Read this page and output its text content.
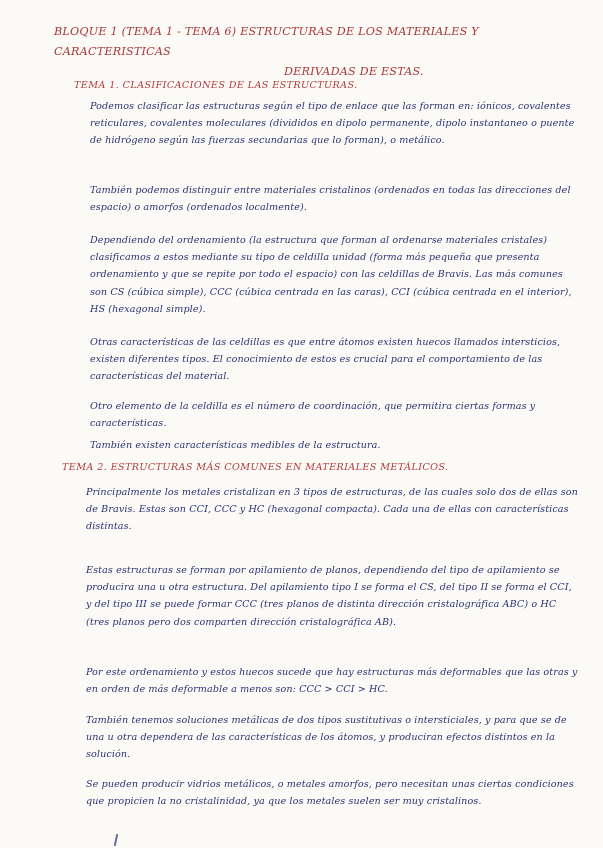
BLOQUE 1 (TEMA 1 - TEMA 6) ESTRUCTURAS DE LOS MATERIALES Y CARACTERISTICAS
DERIVADAS DE ESTAS.
TEMA 1. CLASIFICACIONES DE LAS ESTRUCTURAS.

Podemos clasificar las estructuras según el tipo de enlace que las forman en: iónicos, covalentes reticulares, covalentes moleculares (divididos en dipolo permanente, dipolo instantaneo o puente de hidrógeno según las fuerzas secundarias que lo forman), o metálico.

También podemos distinguir entre materiales cristalinos (ordenados en todas las direcciones del espacio) o amorfos (ordenados localmente).

Dependiendo del ordenamiento (la estructura que forman al ordenarse materiales cristales) clasificamos a estos mediante su tipo de celdilla unidad (forma más pequeña que presenta ordenamiento y que se repite por todo el espacio) con las celdillas de Bravis. Las más comunes son CS (cúbica simple), CCC (cúbica centrada en las caras), CCI (cúbica centrada en el interior), HS (hexagonal simple).

Otras características de las celdillas es que entre átomos existen huecos llamados intersticios, existen diferentes tipos. El conocimiento de estos es crucial para el comportamiento de las características del material.

Otro elemento de la celdilla es el número de coordinación, que permitira ciertas formas y características.

También existen características medibles de la estructura.

TEMA 2. ESTRUCTURAS MÁS COMUNES EN MATERIALES METÁLICOS.

Principalmente los metales cristalizan en 3 tipos de estructuras, de las cuales solo dos de ellas son de Bravis. Estas son CCI, CCC y HC (hexagonal compacta). Cada una de ellas con características distintas.

Estas estructuras se forman por apilamiento de planos, dependiendo del tipo de apilamiento se producira una u otra estructura. Del apilamiento tipo I se forma el CS, del tipo II se forma el CCI, y del tipo III se puede formar CCC (tres planos de distinta dirección cristalográfica ABC) o HC (tres planos pero dos comparten dirección cristalográfica AB).

Por este ordenamiento y estos huecos sucede que hay estructuras más deformables que las otras y en orden de más deformable a menos son: CCC > CCI > HC.

También tenemos soluciones metálicas de dos tipos sustitutivas o intersticiales, y para que se de una u otra dependera de las características de los átomos, y produciran efectos distintos en la solución.

Se pueden producir vidrios metálicos, o metales amorfos, pero necesitan unas ciertas condiciones que propicien la no cristalinidad, ya que los metales suelen ser muy cristalinos.
